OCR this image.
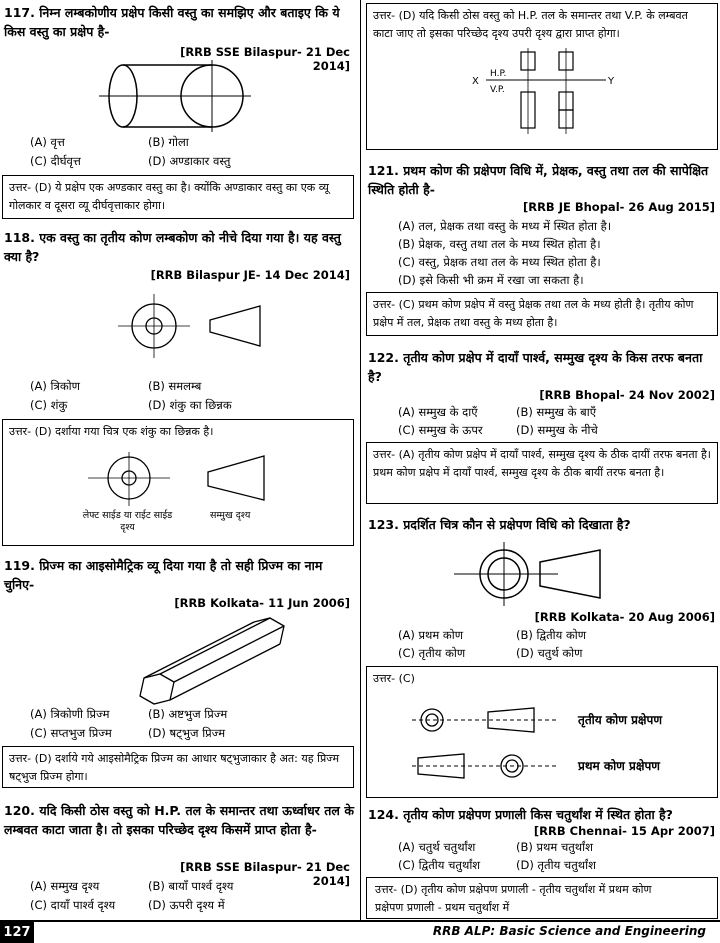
117. निम्न लम्बकोणीय प्रक्षेप किसी वस्तु का समझिए और बताइए कि ये किस वस्तु का प्रक्षेप है-
[RRB SSE Bilaspur- 21 Dec 2014]
(A) वृत्त	(B) गोला
(C) दीर्घवृत्त	(D) अण्डाकार वस्तु
उत्तर- (D) ये प्रक्षेप एक अण्डकार वस्तु का है। क्योंकि अण्डाकार वस्तु का एक व्यू गोलकार व दूसरा व्यू दीर्घवृत्ताकार होगा।
118. एक वस्तु का तृतीय कोण लम्बकोण को नीचे दिया गया है। यह वस्तु क्या है?
[RRB Bilaspur JE- 14 Dec 2014]
(A) त्रिकोण	(B) समलम्ब
(C) शंकु	(D) शंकु का छिन्नक
उत्तर- (D) दर्शाया गया चित्र एक शंकु का छिन्नक है।
लेफ्ट साईड या राईट साईड दृश्य
सम्मुख दृश्य
119. प्रिज्म का आइसोमैट्रिक व्यू दिया गया है तो सही प्रिज्म का नाम चुनिए-
[RRB Kolkata- 11 Jun 2006]
(A) त्रिकोणी प्रिज्म	(B) अष्टभुज प्रिज्म
(C) सप्तभुज प्रिज्म	(D) षट्भुज प्रिज्म
उत्तर- (D) दर्शाये गये आइसोमैट्रिक प्रिज्म का आधार षट्भुजाकार है अत: यह प्रिज्म षट्भुज प्रिज्म होगा।
120. यदि किसी ठोस वस्तु को H.P. तल के समान्तर तथा ऊर्ध्वाधर तल के लम्बवत काटा जाता है। तो इसका परिच्छेद दृश्य किसमें प्राप्त होता है-
[RRB SSE Bilaspur- 21 Dec 2014]
(A) सम्मुख दृश्य	(B) बायाँ पार्श्व दृश्य
(C) दायाँ पार्श्व दृश्य	(D) ऊपरी दृश्य में
उत्तर- (D) यदि किसी ठोस वस्तु को H.P. तल के समान्तर तथा V.P. के लम्बवत काटा जाए तो इसका परिच्छेद दृश्य उपरी दृश्य द्वारा प्राप्त होगा।
X	Y
H.P.
V.P.
121. प्रथम कोण की प्रक्षेपण विधि में, प्रेक्षक, वस्तु तथा तल की सापेक्षित स्थिति होती है-
[RRB JE Bhopal- 26 Aug 2015]
(A) तल, प्रेक्षक तथा वस्तु के मध्य में स्थित होता है।
(B) प्रेक्षक, वस्तु तथा तल के मध्य स्थित होता है।
(C) वस्तु, प्रेक्षक तथा तल के मध्य स्थित होता है।
(D) इसे किसी भी क्रम में रखा जा सकता है।
उत्तर- (C) प्रथम कोण प्रक्षेप में वस्तु प्रेक्षक तथा तल के मध्य होती है। तृतीय कोण प्रक्षेप में तल, प्रेक्षक तथा वस्तु के मध्य होता है।
122. तृतीय कोण प्रक्षेप में दायाँ पार्श्व, सम्मुख दृश्य के किस तरफ बनता है?
[RRB Bhopal- 24 Nov 2002]
(A) सम्मुख के दाएँ	(B) सम्मुख के बाएँ
(C) सम्मुख के ऊपर	(D) सम्मुख के नीचे
उत्तर- (A) तृतीय कोण प्रक्षेप में दायाँ पार्श्व, सम्मुख दृश्य के ठीक दायीं तरफ बनता है। प्रथम कोण प्रक्षेप में दायाँ पार्श्व, सम्मुख दृश्य के ठीक बायीं तरफ बनता है।
123. प्रदर्शित चित्र कौन से प्रक्षेपण विधि को दिखाता है?
[RRB Kolkata- 20 Aug 2006]
(A) प्रथम कोण	(B) द्वितीय कोण
(C) तृतीय कोण	(D) चतुर्थ कोण
उत्तर- (C)
तृतीय कोण प्रक्षेपण
प्रथम कोण प्रक्षेपण
124. तृतीय कोण प्रक्षेपण प्रणाली किस चतुर्थांश में स्थित होता है?
[RRB Chennai- 15 Apr 2007]
(A) चतुर्थ चतुर्थांश	(B) प्रथम चतुर्थांश
(C) द्वितीय चतुर्थांश	(D) तृतीय चतुर्थांश
उत्तर- (D) तृतीय कोण प्रक्षेपण प्रणाली - तृतीय चतुर्थांश में प्रथम कोण प्रक्षेपण प्रणाली - प्रथम चतुर्थांश में
127	RRB ALP: Basic Science and Engineering
